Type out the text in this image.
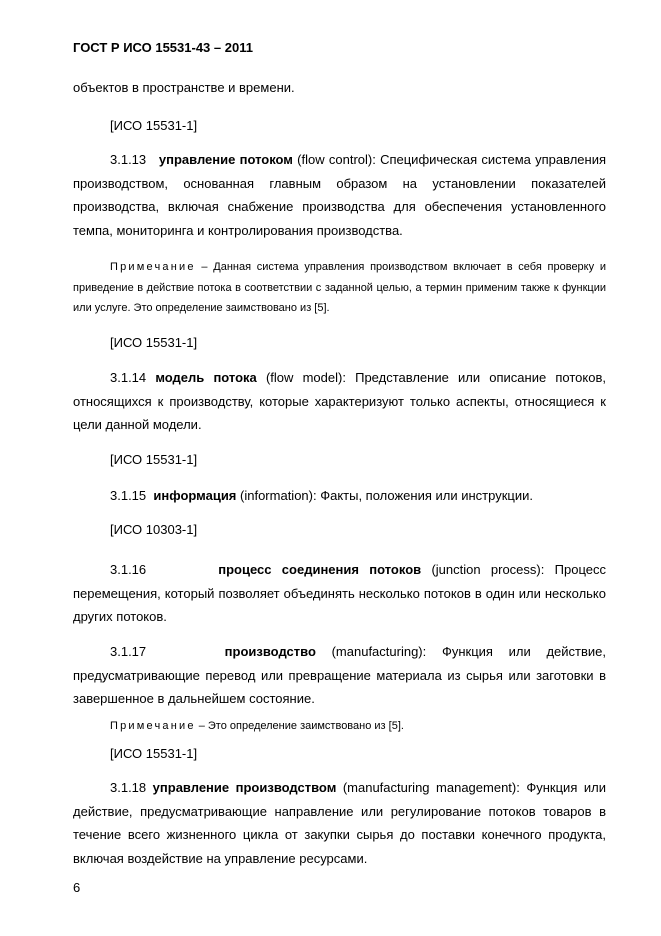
ГОСТ Р ИСО 15531-43 – 2011

объектов в пространстве и времени.

[ИСО 15531-1]

3.1.13 управление потоком (flow control): Специфическая система управления производством, основанная главным образом на установлении показателей производства, включая снабжение производства для обеспечения установленного темпа, мониторинга и контролирования производства.

Примечание – Данная система управления производством включает в себя проверку и приведение в действие потока в соответствии с заданной целью, а термин применим также к функции или услуге. Это определение заимствовано из [5].

[ИСО 15531-1]

3.1.14 модель потока (flow model): Представление или описание потоков, относящихся к производству, которые характеризуют только аспекты, относящиеся к цели данной модели.

[ИСО 15531-1]

3.1.15 информация (information): Факты, положения или инструкции.

[ИСО 10303-1]

3.1.16	процесс соединения потоков (junction process): Процесс перемещения, который позволяет объединять несколько потоков в один или несколько других потоков.

3.1.17	производство (manufacturing): Функция или действие, предусматривающие перевод или превращение материала из сырья или заготовки в завершенное в дальнейшем состояние.

Примечание – Это определение заимствовано из [5].

[ИСО 15531-1]

3.1.18 управление производством (manufacturing management): Функция или действие, предусматривающие направление или регулирование потоков товаров в течение всего жизненного цикла от закупки сырья до поставки конечного продукта, включая воздействие на управление ресурсами.

6
